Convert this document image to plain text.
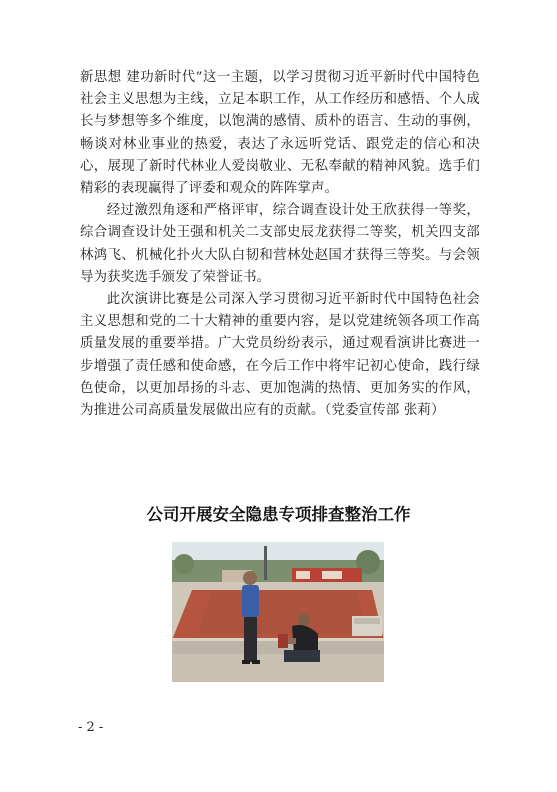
新思想 建功新时代”这一主题，以学习贯彻习近平新时代中国特色社会主义思想为主线，立足本职工作，从工作经历和感悟、个人成长与梦想等多个维度，以饱满的感情、质朴的语言、生动的事例，畅谈对林业事业的热爱，表达了永远听党话、跟党走的信心和决心，展现了新时代林业人爱岗敬业、无私奉献的精神风貌。选手们精彩的表现赢得了评委和观众的阵阵掌声。

经过激烈角逐和严格评审，综合调查设计处王欣获得一等奖，综合调查设计处王强和机关二支部史辰龙获得二等奖，机关四支部林鸿飞、机械化扑火大队白韧和营林处赵国才获得三等奖。与会领导为获奖选手颁发了荣誉证书。

此次演讲比赛是公司深入学习贯彻习近平新时代中国特色社会主义思想和党的二十大精神的重要内容，是以党建统领各项工作高质量发展的重要举措。广大党员纷纷表示，通过观看演讲比赛进一步增强了责任感和使命感，在今后工作中将牢记初心使命，践行绿色使命，以更加昂扬的斗志、更加饱满的热情、更加务实的作风，为推进公司高质量发展做出应有的贡献。（党委宣传部 张莉）

公司开展安全隐患专项排查整治工作
- 2 -
